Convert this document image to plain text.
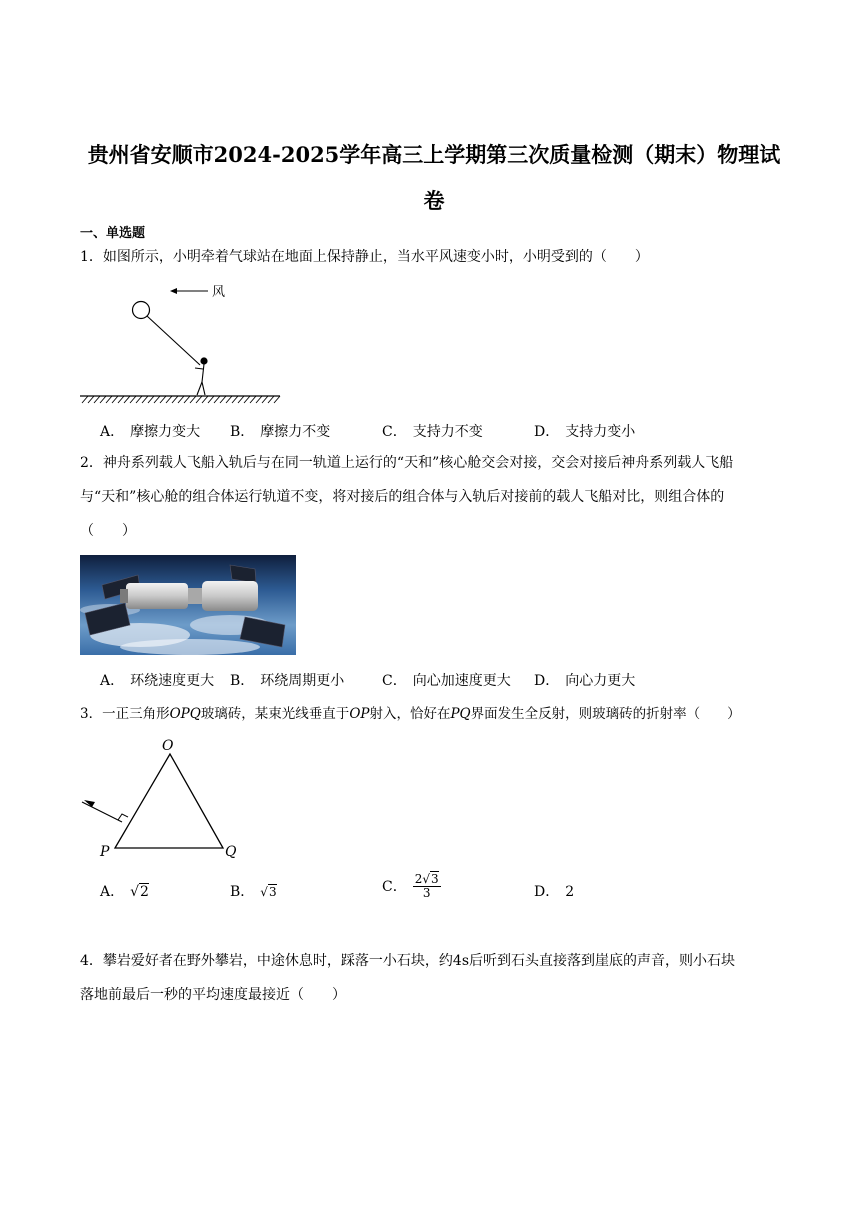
贵州省安顺市2024-2025学年高三上学期第三次质量检测（期末）物理试
卷
一、单选题
1．如图所示，小明牵着气球站在地面上保持静止，当水平风速变小时，小明受到的（　　）
风
A． 摩擦力变大 B． 摩擦力不变	C． 支持力不变	D． 支持力变小
2．神舟系列载人飞船入轨后与在同一轨道上运行的“天和”核心舱交会对接，交会对接后神舟系列载人飞船
与“天和”核心舱的组合体运行轨道不变，将对接后的组合体与入轨后对接前的载人飞船对比，则组合体的
（　　）
A． 环绕速度更大 B． 环绕周期更小	C． 向心加速度更大 D． 向心力更大
3．一正三角形OPQ玻璃砖，某束光线垂直于OP射入，恰好在PQ界面发生全反射，则玻璃砖的折射率（　　）
O
P	Q
A． √2	B． √3	C． $\frac{2√3}{3}$	D． 2
4．攀岩爱好者在野外攀岩，中途休息时，踩落一小石块，约4s后听到石头直接落到崖底的声音，则小石块
落地前最后一秒的平均速度最接近（　　）
